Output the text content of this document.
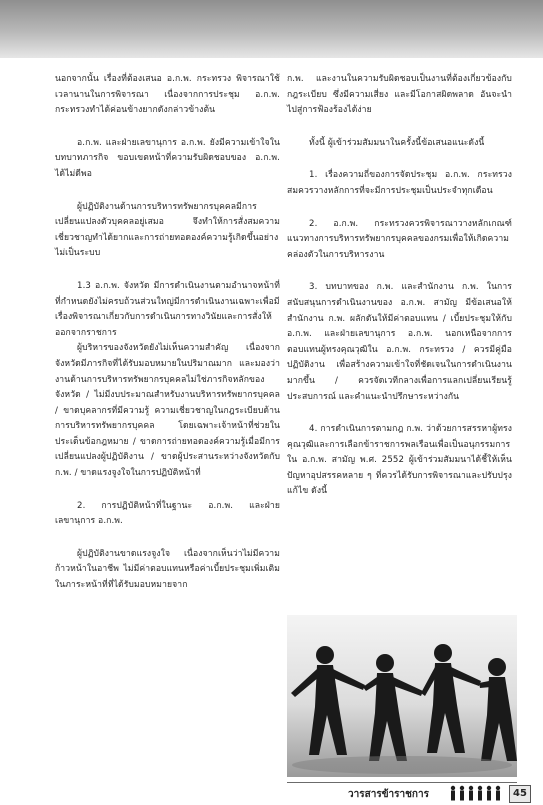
นอกจากนั้น เรื่องที่ต้องเสนอ อ.ก.พ. กระทรวง พิจารณาใช้เวลานานในการพิจารณา เนื่องจากการประชุม อ.ก.พ. กระทรวงทำได้ค่อนข้างยากดังกล่าวข้างต้น

อ.ก.พ. และฝ่ายเลขานุการ อ.ก.พ. ยังมีความเข้าใจในบทบาทภารกิจ ขอบเขตหน้าที่ความรับผิดชอบของ อ.ก.พ. ได้ไม่ดีพอ

ผู้ปฏิบัติงานด้านการบริหารทรัพยากรบุคคลมีการเปลี่ยนแปลงตัวบุคคลอยู่เสมอ จึงทำให้การสั่งสมความเชี่ยวชาญทำได้ยากและการถ่ายทอดองค์ความรู้เกิดขึ้นอย่างไม่เป็นระบบ

1.3 อ.ก.พ. จังหวัด มีการดำเนินงานตามอำนาจหน้าที่ที่กำหนดยังไม่ครบถ้วนส่วนใหญ่มีการดำเนินงานเฉพาะเพื่อมีเรื่องพิจารณาเกี่ยวกับการดำเนินการทางวินัยและการสั่งให้ออกจากราชการ

ผู้บริหารของจังหวัดยังไม่เห็นความสำคัญ เนื่องจากจังหวัดมีภารกิจที่ได้รับมอบหมายในปริมาณมาก และมองว่างานด้านการบริหารทรัพยากรบุคคลไม่ใช่ภารกิจหลักของจังหวัด / ไม่มีงบประมาณสำหรับงานบริหารทรัพยากรบุคคล / ขาดบุคลากรที่มีความรู้ ความเชี่ยวชาญในกฎระเบียบด้านการบริหารทรัพยากรบุคคล โดยเฉพาะเจ้าหน้าที่ช่วยในประเด็นข้อกฎหมาย / ขาดการถ่ายทอดองค์ความรู้เมื่อมีการเปลี่ยนแปลงผู้ปฏิบัติงาน / ขาดผู้ประสานระหว่างจังหวัดกับ ก.พ. / ขาดแรงจูงใจในการปฏิบัติหน้าที่

2. การปฏิบัติหน้าที่ในฐานะ อ.ก.พ. และฝ่ายเลขานุการ อ.ก.พ.

ผู้ปฏิบัติงานขาดแรงจูงใจ เนื่องจากเห็นว่าไม่มีความก้าวหน้าในอาชีพ ไม่มีค่าตอบแทนหรือค่าเบี้ยประชุมเพิ่มเติมในภาระหน้าที่ที่ได้รับมอบหมายจาก

ก.พ. และงานในความรับผิดชอบเป็นงานที่ต้องเกี่ยวข้องกับกฎระเบียบ ซึ่งมีความเสี่ยง และมีโอกาสผิดพลาด อันจะนำไปสู่การฟ้องร้องได้ง่าย

ทั้งนี้ ผู้เข้าร่วมสัมมนาในครั้งนี้ข้อเสนอแนะดังนี้

1. เรื่องความถี่ของการจัดประชุม อ.ก.พ. กระทรวง สมควรวางหลักการที่จะมีการประชุมเป็นประจำทุกเดือน

2. อ.ก.พ. กระทรวงควรพิจารณาวางหลักเกณฑ์แนวทางการบริหารทรัพยากรบุคคลของกรมเพื่อให้เกิดความคล่องตัวในการบริหารงาน

3. บทบาทของ ก.พ. และสำนักงาน ก.พ. ในการสนับสนุนการดำเนินงานของ อ.ก.พ. สามัญ มีข้อเสนอให้สำนักงาน ก.พ. ผลักดันให้มีค่าตอบแทน / เบี้ยประชุมให้กับ อ.ก.พ. และฝ่ายเลขานุการ อ.ก.พ. นอกเหนือจากการตอบแทนผู้ทรงคุณวุฒิใน อ.ก.พ. กระทรวง / ควรมีคู่มือปฏิบัติงาน เพื่อสร้างความเข้าใจที่ชัดเจนในการดำเนินงานมากขึ้น / ควรจัดเวทีกลางเพื่อการแลกเปลี่ยนเรียนรู้ประสบการณ์ และคำแนะนำปรึกษาระหว่างกัน

4. การดำเนินการตามกฎ ก.พ. ว่าด้วยการสรรหาผู้ทรงคุณวุฒิและการเลือกข้าราชการพลเรือนเพื่อเป็นอนุกรรมการใน อ.ก.พ. สามัญ พ.ศ. 2552 ผู้เข้าร่วมสัมมนาได้ชี้ให้เห็นปัญหาอุปสรรคหลาย ๆ ที่ควรได้รับการพิจารณาและปรับปรุงแก้ไข ดังนี้

วารสารข้าราชการ	45
